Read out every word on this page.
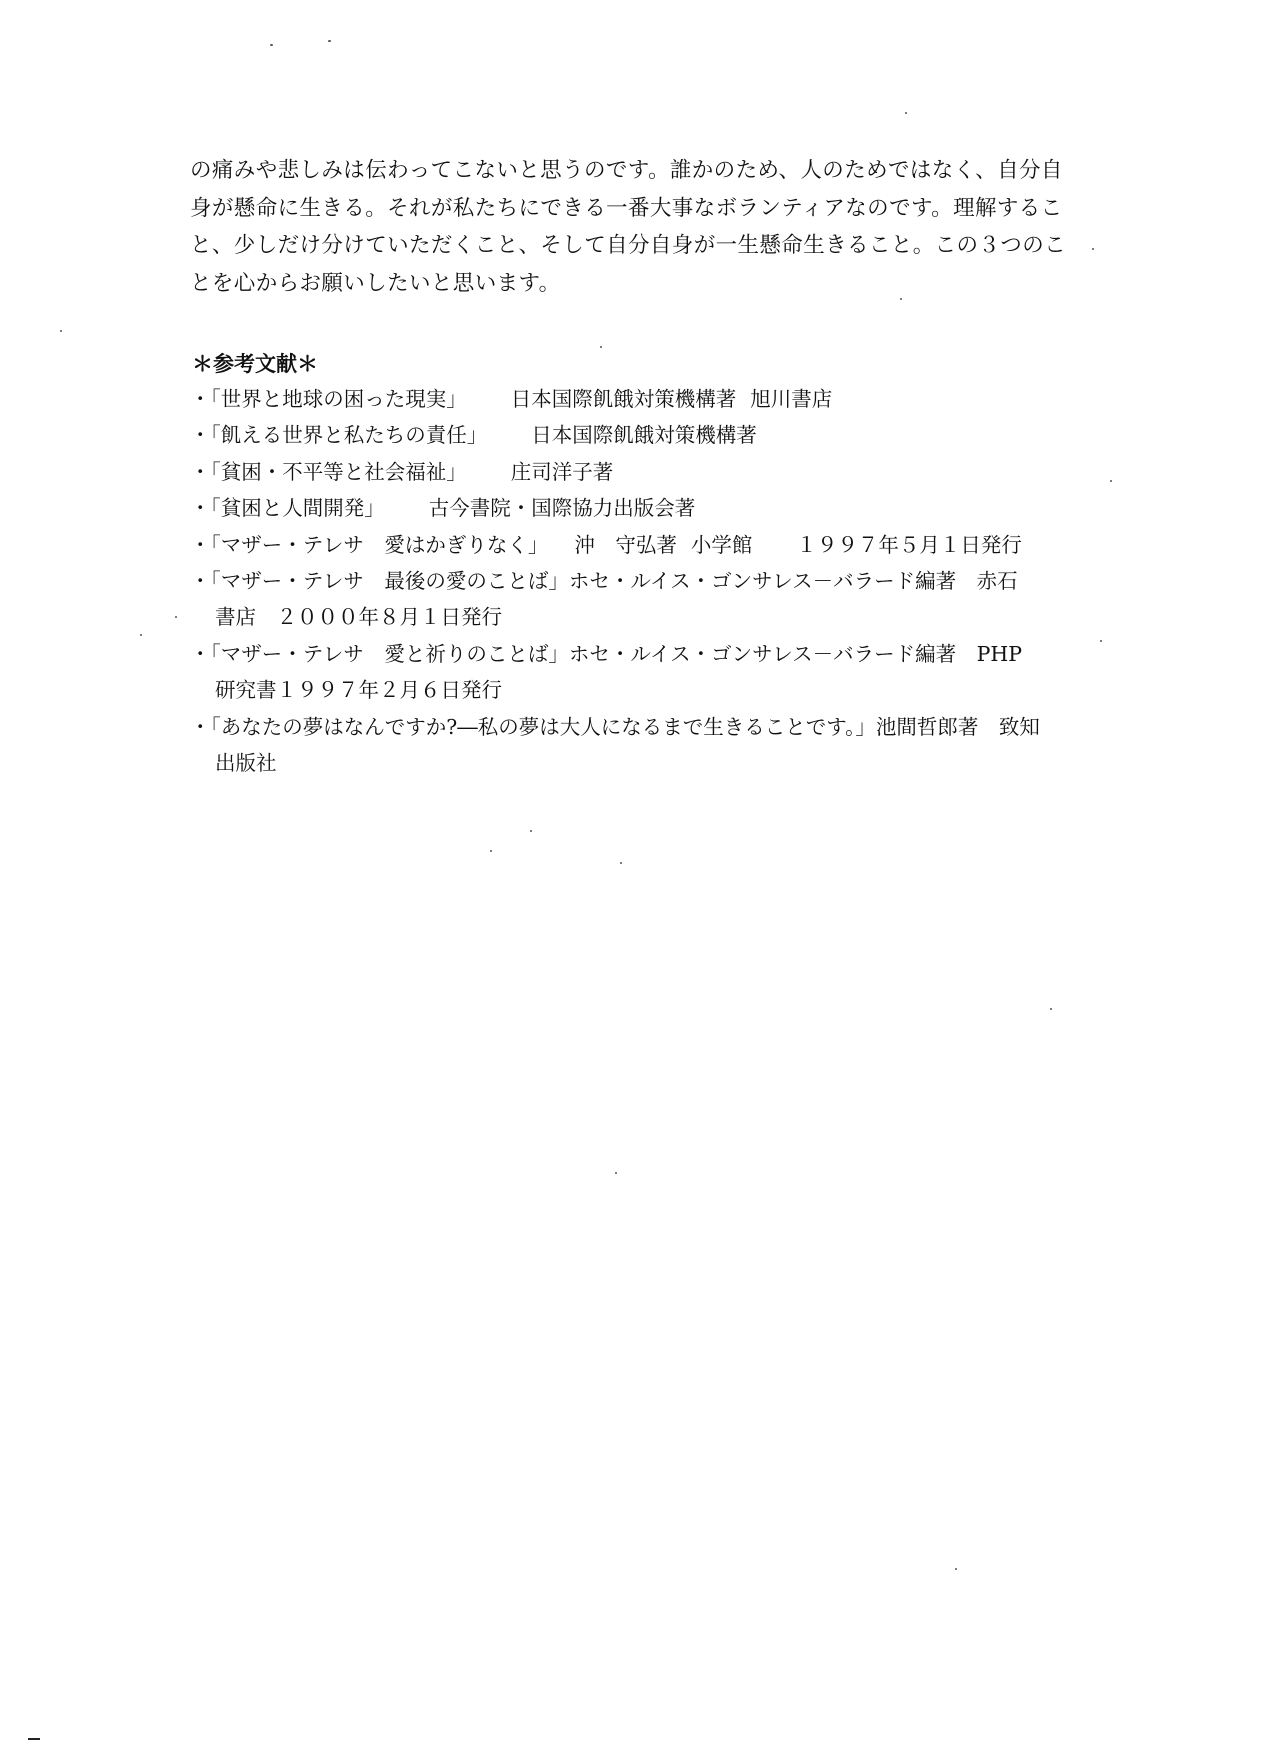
の痛みや悲しみは伝わってこないと思うのです。誰かのため、人のためではなく、自分自
身が懸命に生きる。それが私たちにできる一番大事なボランティアなのです。理解するこ
と、少しだけ分けていただくこと、そして自分自身が一生懸命生きること。この３つのこ
とを心からお願いしたいと思います。
＊参考文献＊
・「世界と地球の困った現実」 日本国際飢餓対策機構著 旭川書店
・「飢える世界と私たちの責任」 日本国際飢餓対策機構著
・「貧困・不平等と社会福祉」 庄司洋子著
・「貧困と人間開発」 古今書院・国際協力出版会著
・「マザー・テレサ　愛はかぎりなく」 沖　守弘著 小学館 １９９７年５月１日発行
・「マザー・テレサ　最後の愛のことば」ホセ・ルイス・ゴンサレス－バラード編著　赤石
書店　２０００年８月１日発行
・「マザー・テレサ　愛と祈りのことば」ホセ・ルイス・ゴンサレス－バラード編著　PHP
研究書１９９７年２月６日発行
・「あなたの夢はなんですか?―私の夢は大人になるまで生きることです。」池間哲郎著　致知
出版社
